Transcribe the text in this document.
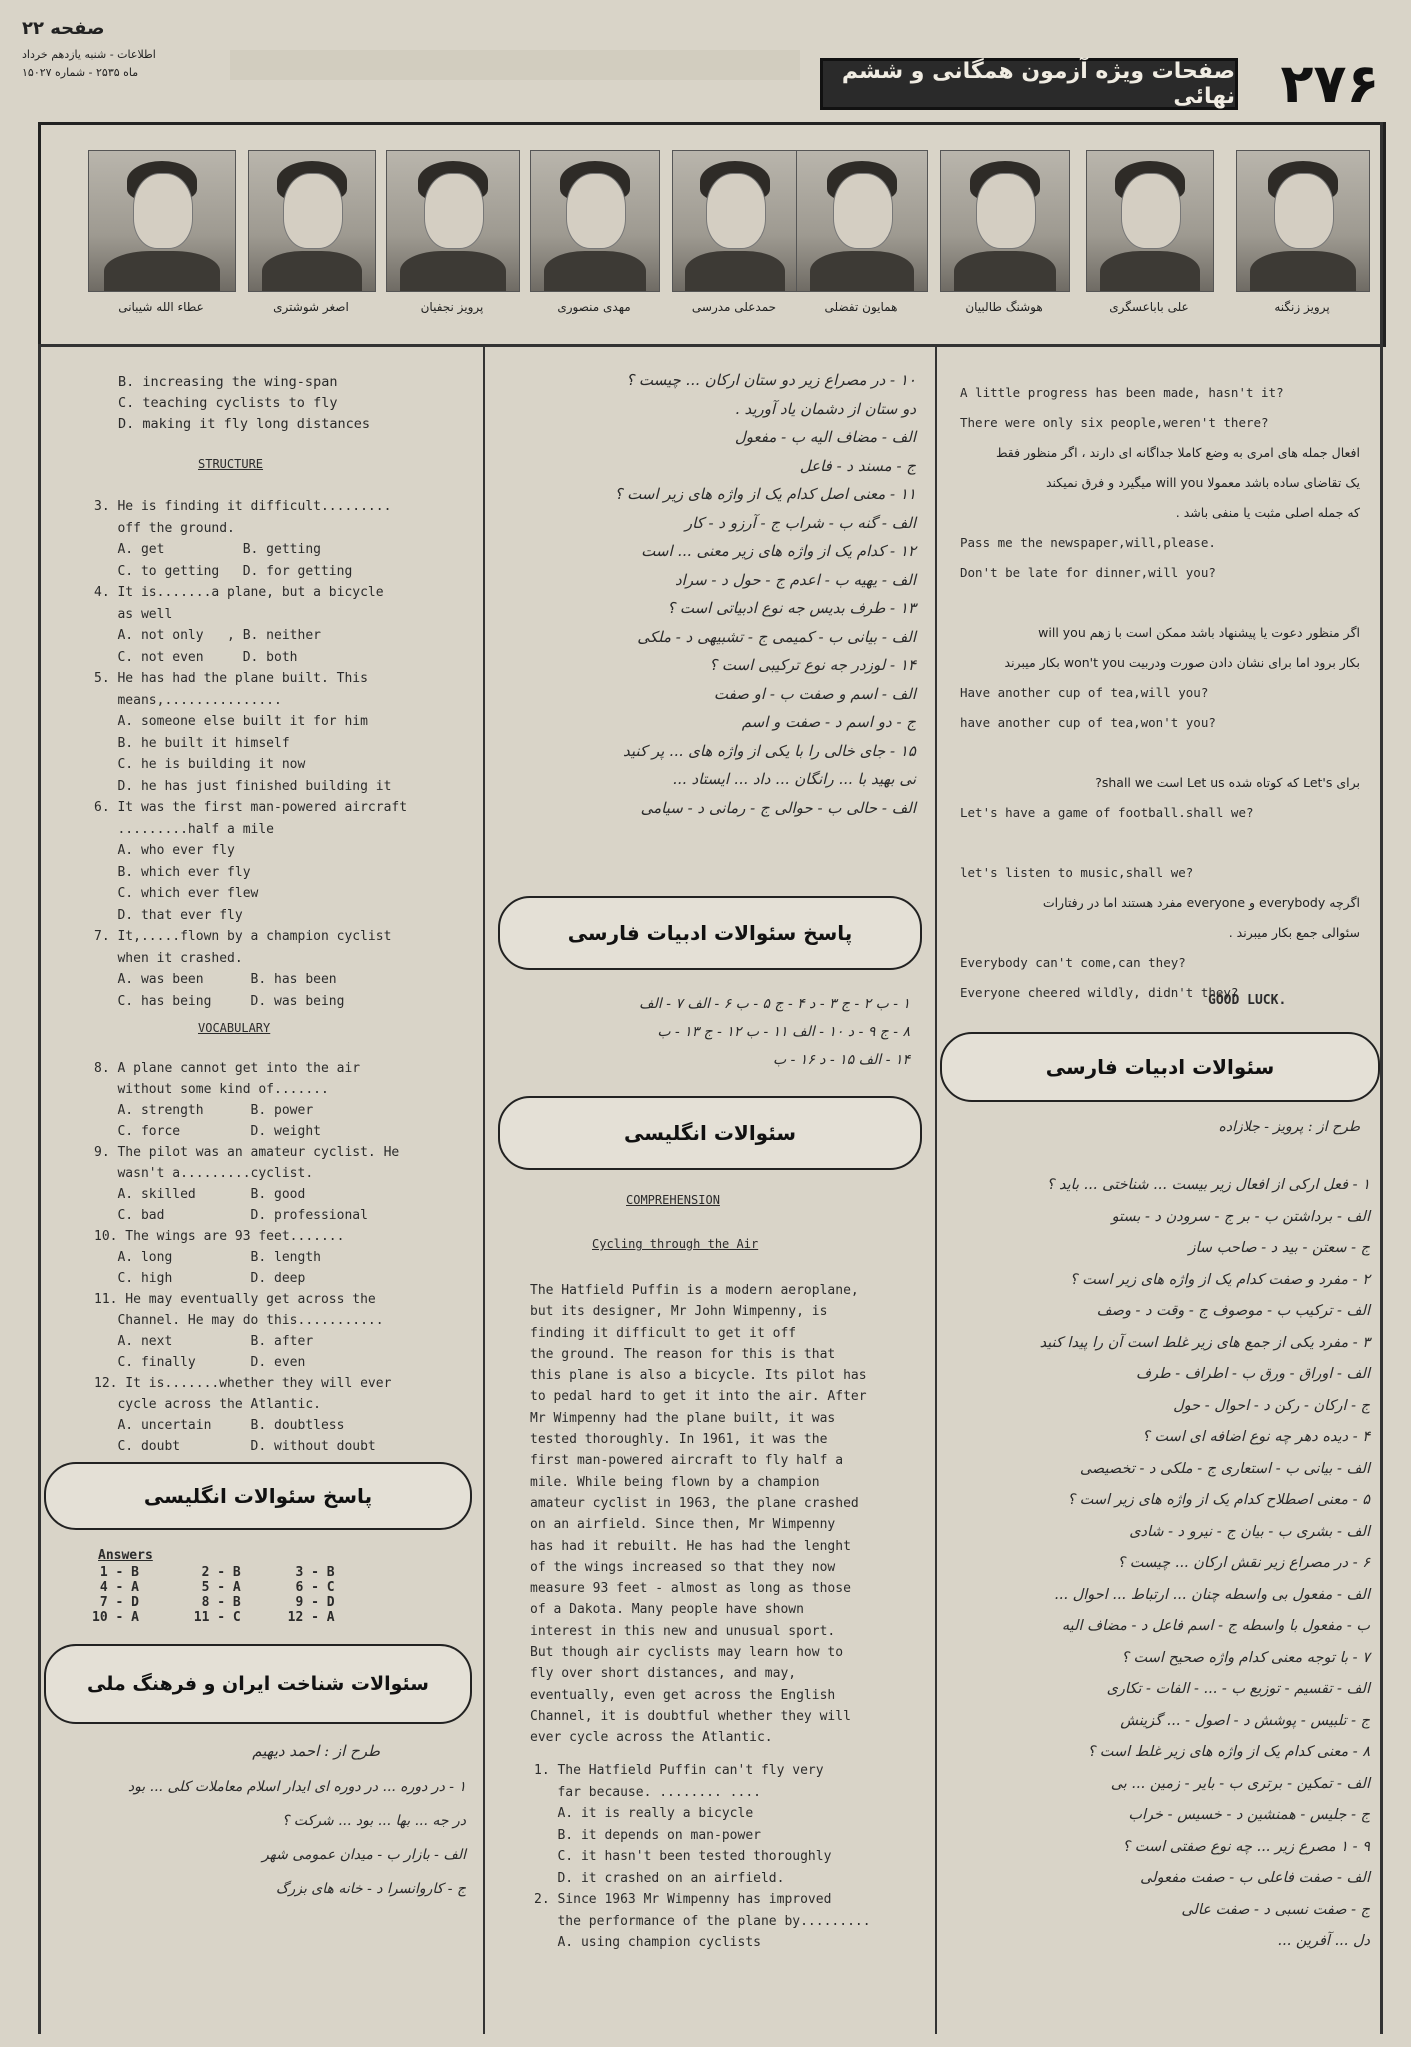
صفحه ۲۲
اطلاعات - شنبه یازدهم خرداد
ماه ۲۵۳۵ - شماره ۱۵۰۲۷	صفحات ویژه آزمون همگانی و ششم نهائی ۲۷۶
عطاء الله شیبانی	اصغر شوشتری	پرویز نجفیان	مهدی منصوری	حمدعلی مدرسی	همایون تفضلی	هوشنگ طالبیان	علی باباعسگری	پرویز زنگنه
B. increasing the wing-span
C. teaching cyclists to fly
D. making it fly long distances
STRUCTURE
3. He is finding it difficult.........
off the ground.
A. get          B. getting
C. to getting   D. for getting
4. It is.......a plane, but a bicycle
as well
A. not only   , B. neither
C. not even     D. both
5. He has had the plane built. This
means,...............
A. someone else built it for him
B. he built it himself
C. he is building it now
D. he has just finished building it
6. It was the first man-powered aircraft
.........half a mile
A. who ever fly
B. which ever fly
C. which ever flew
D. that ever fly
7. It,.....flown by a champion cyclist
when it crashed.
A. was been      B. has been
C. has being     D. was being
VOCABULARY
8. A plane cannot get into the air
without some kind of.......
A. strength      B. power
C. force         D. weight
9. The pilot was an amateur cyclist. He
wasn't a.........cyclist.
A. skilled       B. good
C. bad           D. professional
10. The wings are 93 feet.......
A. long          B. length
C. high          D. deep
11. He may eventually get across the
Channel. He may do this...........
A. next          B. after
C. finally       D. even
12. It is.......whether they will ever
cycle across the Atlantic.
A. uncertain     B. doubtless
C. doubt         D. without doubt
پاسخ سئوالات انگلیسی
Answers
1 - B        2 - B       3 - B
4 - A        5 - A       6 - C
7 - D        8 - B       9 - D
10 - A       11 - C      12 - A
سئوالات شناخت ایران و فرهنگ ملی
طرح از : احمد دیهیم
۱ - در دوره ... در دوره ای ایدار اسلام معاملات کلی ... بود
در جه ... بها ... بود ... شرکت ؟
الف - بازار ب - میدان عمومی شهر
ج - کاروانسرا د - خانه های بزرگ
۱۰ - در مصراع زیر دو ستان ارکان ... چیست ؟
دو ستان از دشمان یاد آورید .
الف - مضاف الیه ب - مفعول
ج - مسند د - فاعل
۱۱ - معنی اصل کدام یک از واژه های زیر است ؟
الف - گنه ب - شراب ج - آرزو د - کار
۱۲ - کدام یک از واژه های زیر معنی ... است
الف - یهیه ب - اعدم ج - حول د - سراد
۱۳ - طرف بدیس جه نوع ادبیاتی است ؟
الف - بیانی ب - کمیمی ج - تشبیهی د - ملکی
۱۴ - لوزدر جه نوع ترکیبی است ؟
الف - اسم و صفت ب - او صفت
ج - دو اسم د - صفت و اسم
۱۵ - جای خالی را با یکی از واژه های ... پر کنید
نی بهید با ... رانگان ... داد ... ایستاد ...
الف - حالی ب - حوالی ج - رمانی د - سیامی
پاسخ سئوالات ادبیات فارسی
۱ - ب ۲ - ج ۳ - د ۴ - ج ۵ - ب ۶ - الف ۷ - الف
۸ - ج ۹ - د ۱۰ - الف ۱۱ - ب ۱۲ - ج ۱۳ - ب
۱۴ - الف ۱۵ - د ۱۶ - ب
سئوالات انگلیسی
COMPREHENSION
Cycling through the Air
The Hatfield Puffin is a modern aeroplane,
but its designer, Mr John Wimpenny, is
finding it difficult to get it off
the ground. The reason for this is that
this plane is also a bicycle. Its pilot has
to pedal hard to get it into the air. After
Mr Wimpenny had the plane built, it was
tested thoroughly. In 1961, it was the
first man-powered aircraft to fly half a
mile. While being flown by a champion
amateur cyclist in 1963, the plane crashed
on an airfield. Since then, Mr Wimpenny
has had it rebuilt. He has had the lenght
of the wings increased so that they now
measure 93 feet - almost as long as those
of a Dakota. Many people have shown
interest in this new and unusual sport.
But though air cyclists may learn how to
fly over short distances, and may,
eventually, even get across the English
Channel, it is doubtful whether they will
ever cycle across the Atlantic.
1. The Hatfield Puffin can't fly very
far because. ........ ....
A. it is really a bicycle
B. it depends on man-power
C. it hasn't been tested thoroughly
D. it crashed on an airfield.
2. Since 1963 Mr Wimpenny has improved
the performance of the plane by.........
A. using champion cyclists
A little progress has been made, hasn't it?
There were only six people,weren't there?
افعال جمله های امری به وضع کاملا جداگانه ای دارند ، اگر منظور فقط
یک تقاضای ساده باشد معمولا will you میگیرد و فرق نمیکند
که جمله اصلی مثبت یا منفی باشد .
Pass me the newspaper,will,please.
Don't be late for dinner,will you?

اگر منظور دعوت یا پیشنهاد باشد ممکن است با زهم will you
بکار برود اما برای نشان دادن صورت ودربیت won't you بکار میبرند
Have another cup of tea,will you?
have another cup of tea,won't you?

برای Let's که کوتاه شده Let us است shall we?
Let's have a game of football.shall we?

let's listen to music,shall we?
اگرچه everybody و everyone مفرد هستند اما در رفتارات
سئوالی جمع بکار میبرند .
Everybody can't come,can they?
Everyone cheered wildly, didn't they?
GOOD LUCK.
سئوالات ادبیات فارسی
طرح از : پرویز - جلازاده
۱ - فعل ارکی از افعال زیر بیست ... شناختی ... باید ؟
الف - برداشتن ب - بر ج - سرودن د - بستو
ج - سعتن - بید د - صاحب ساز
۲ - مفرد و صفت کدام یک از واژه های زیر است ؟
الف - ترکیب ب - موصوف ج - وقت د - وصف
۳ - مفرد یکی از جمع های زیر غلط است آن را پیدا کنید
الف - اوراق - ورق ب - اطراف - طرف
ج - ارکان - رکن د - احوال - حول
۴ - دیده دهر چه نوع اضافه ای است ؟
الف - بیانی ب - استعاری ج - ملکی د - تخصیصی
۵ - معنی اصطلاح کدام یک از واژه های زیر است ؟
الف - بشری ب - بیان ج - نیرو د - شادی
۶ - در مصراع زیر نقش ارکان ... چیست ؟
الف - مفعول بی واسطه چنان ... ارتباط ... احوال ...
ب - مفعول با واسطه ج - اسم فاعل د - مضاف الیه
۷ - با توجه معنی کدام واژه صحیح است ؟
الف - تقسیم - توزیع ب - ... - الفات - تکاری
ج - تلبیس - پوشش د - اصول - ... گزینش
۸ - معنی کدام یک از واژه های زیر غلط است ؟
الف - تمکین - برتری ب - بایر - زمین ... بی
ج - جلیس - همنشین د - خسیس - خراب
۹ - ۱ مصرع زیر ... چه نوع صفتی است ؟
الف - صفت فاعلی ب - صفت مفعولی
ج - صفت نسبی د - صفت عالی
دل ... آفرین ...
